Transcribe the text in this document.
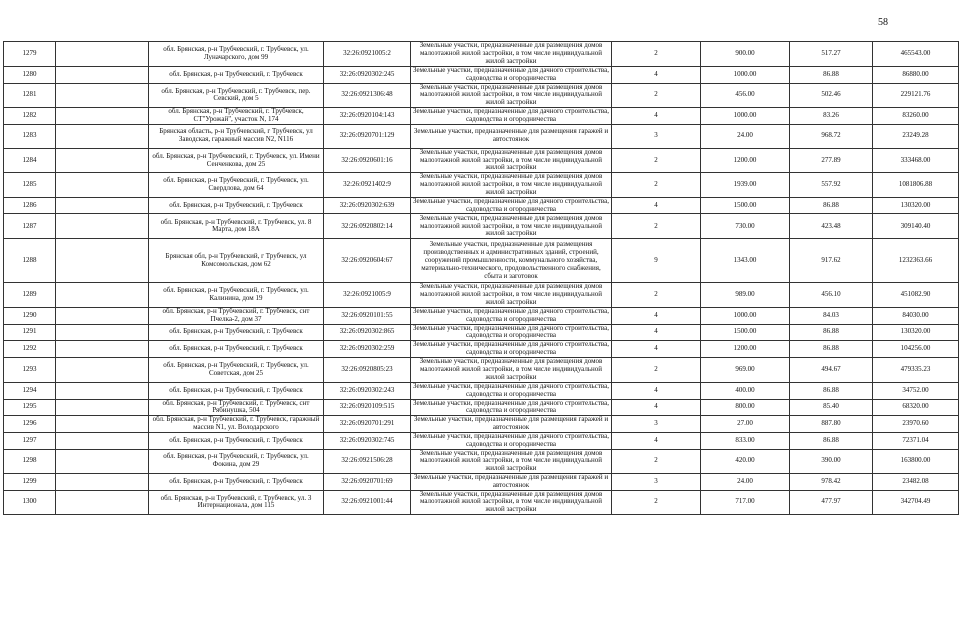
58
1279		обл. Брянская, р-н Трубчевский, г. Трубчевск, ул. Луначарского, дом 99	32:26:0921005:2	Земельные участки, предназначенные для размещения домов малоэтажной жилой застройки, в том числе индивидуальной жилой застройки	2	900.00	517.27	465543.00
1280		обл. Брянская, р-н Трубчевский, г. Трубчевск	32:26:0920302:245	Земельные участки, предназначенные для дачного строительства, садоводства и огородничества	4	1000.00	86.88	86880.00
1281		обл. Брянская, р-н Трубчевский, г. Трубчевск, пер. Севский, дом 5	32:26:0921306:48	Земельные участки, предназначенные для размещения домов малоэтажной жилой застройки, в том числе индивидуальной жилой застройки	2	456.00	502.46	229121.76
1282		обл. Брянская, р-н Трубчевский, г. Трубчевск, СТ"Урожай", участок N, 174	32:26:0920104:143	Земельные участки, предназначенные для дачного строительства, садоводства и огородничества	4	1000.00	83.26	83260.00
1283		Брянская область, р-н Трубчевский, г Трубчевск, ул Заводская, гаражный массив N2, N116	32:26:0920701:129	Земельные участки, предназначенные для размещения гаражей и автостоянок	3	24.00	968.72	23249.28
1284		обл. Брянская, р-н Трубчевский, г. Трубчевск, ул. Имени Сенченкова, дом 25	32:26:0920601:16	Земельные участки, предназначенные для размещения домов малоэтажной жилой застройки, в том числе индивидуальной жилой застройки	2	1200.00	277.89	333468.00
1285		обл. Брянская, р-н Трубчевский, г. Трубчевск, ул. Свердлова, дом 64	32:26:0921402:9	Земельные участки, предназначенные для размещения домов малоэтажной жилой застройки, в том числе индивидуальной жилой застройки	2	1939.00	557.92	1081806.88
1286		обл. Брянская, р-н Трубчевский, г. Трубчевск	32:26:0920302:639	Земельные участки, предназначенные для дачного строительства, садоводства и огородничества	4	1500.00	86.88	130320.00
1287		обл. Брянская, р-н Трубчевский, г. Трубчевск, ул. 8 Марта, дом 18А	32:26:0920802:14	Земельные участки, предназначенные для размещения домов малоэтажной жилой застройки, в том числе индивидуальной жилой застройки	2	730.00	423.48	309140.40
1288		Брянская обл, р-н Трубчевский, г Трубчевск, ул Комсомольская, дом 62	32:26:0920604:67	Земельные участки, предназначенные для размещения производственных и административных зданий, строений, сооружений промышленности, коммунального хозяйства, материально-технического, продовольственного снабжения, сбыта и заготовок	9	1343.00	917.62	1232363.66
1289		обл. Брянская, р-н Трубчевский, г. Трубчевск, ул. Калинина, дом 19	32:26:0921005:9	Земельные участки, предназначенные для размещения домов малоэтажной жилой застройки, в том числе индивидуальной жилой застройки	2	989.00	456.10	451082.90
1290		обл. Брянская, р-н Трубчевский, г. Трубчевск, снт Пчелка-2, дом 37	32:26:0920101:55	Земельные участки, предназначенные для дачного строительства, садоводства и огородничества	4	1000.00	84.03	84030.00
1291		обл. Брянская, р-н Трубчевский, г. Трубчевск	32:26:0920302:865	Земельные участки, предназначенные для дачного строительства, садоводства и огородничества	4	1500.00	86.88	130320.00
1292		обл. Брянская, р-н Трубчевский, г. Трубчевск	32:26:0920302:259	Земельные участки, предназначенные для дачного строительства, садоводства и огородничества	4	1200.00	86.88	104256.00
1293		обл. Брянская, р-н Трубчевский, г. Трубчевск, ул. Советская, дом 25	32:26:0920805:23	Земельные участки, предназначенные для размещения домов малоэтажной жилой застройки, в том числе индивидуальной жилой застройки	2	969.00	494.67	479335.23
1294		обл. Брянская, р-н Трубчевский, г. Трубчевск	32:26:0920302:243	Земельные участки, предназначенные для дачного строительства, садоводства и огородничества	4	400.00	86.88	34752.00
1295		обл. Брянская, р-н Трубчевский, г. Трубчевск, снт Рябинушка, 504	32:26:0920109:515	Земельные участки, предназначенные для дачного строительства, садоводства и огородничества	4	800.00	85.40	68320.00
1296		обл. Брянская, р-н Трубчевский, г. Трубчевск, гаражный массив N1, ул. Володарского	32:26:0920701:291	Земельные участки, предназначенные для размещения гаражей и автостоянок	3	27.00	887.80	23970.60
1297		обл. Брянская, р-н Трубчевский, г. Трубчевск	32:26:0920302:745	Земельные участки, предназначенные для дачного строительства, садоводства и огородничества	4	833.00	86.88	72371.04
1298		обл. Брянская, р-н Трубчевский, г. Трубчевск, ул. Фокина, дом 29	32:26:0921506:28	Земельные участки, предназначенные для размещения домов малоэтажной жилой застройки, в том числе индивидуальной жилой застройки	2	420.00	390.00	163800.00
1299		обл. Брянская, р-н Трубчевский, г. Трубчевск	32:26:0920701:69	Земельные участки, предназначенные для размещения гаражей и автостоянок	3	24.00	978.42	23482.08
1300		обл. Брянская, р-н Трубчевский, г. Трубчевск, ул. 3 Интернационала, дом 115	32:26:0921001:44	Земельные участки, предназначенные для размещения домов малоэтажной жилой застройки, в том числе индивидуальной жилой застройки	2	717.00	477.97	342704.49
